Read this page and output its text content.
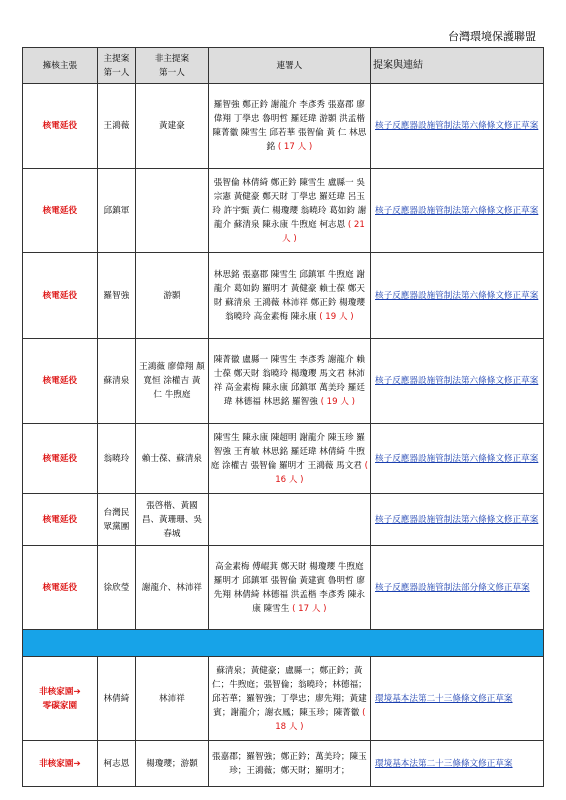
台灣環境保護聯盟
擁核主張	主提案
第一人	非主提案
第一人	連署人	提案與連結
核電延役	王鴻薇	黃建豪	羅智強 鄭正鈐 謝龍介 李彥秀 張嘉郡 廖偉翔 丁學忠 魯明哲 羅廷瑋 游顥 洪孟楷 陳菁徽 陳雪生 邱若華 張智倫 黃 仁 林思銘 ( 17 人 )	核子反應器設施管制法第六條條文修正草案
核電延役	邱鎮軍		張智倫 林倩綺 鄭正鈐 陳雪生 盧縣一 吳宗憲 黃健豪 鄭天財 丁學忠 羅廷瑋 呂玉玲 許宇甄 黃仁 楊瓊瓔 翁曉玲 葛如鈞 謝龍介 蘇清泉 陳永康 牛煦庭 柯志恩 ( 21 人 )	核子反應器設施管制法第六條條文修正草案
核電延役	羅智強	游顥	林思銘 張嘉郡 陳雪生 邱鎮軍 牛煦庭 謝龍介 葛如鈞 羅明才 黃健豪 賴士葆 鄭天財 蘇清泉 王鴻薇 林沛祥 鄭正鈐 楊瓊瓔 翁曉玲 高金素梅 陳永康 ( 19 人 )	核子反應器設施管制法第六條條文修正草案
核電延役	蘇清泉	王鴻薇 廖偉翔 顏寬恒 涂權吉 黃 仁 牛煦庭	陳菁徽 盧縣一 陳雪生 李彥秀 謝龍介 賴士葆 鄭天財 翁曉玲 楊瓊瓔 馬文君 林沛祥 高金素梅 陳永康 邱鎮軍 萬美玲 羅廷瑋 林德福 林思銘 羅智強 ( 19 人 )	核子反應器設施管制法第六條條文修正草案
核電延役	翁曉玲	賴士葆、蘇清泉	陳雪生 陳永康 陳超明 謝龍介 陳玉珍 羅智強 王育敏 林思銘 羅廷瑋 林倩綺 牛煦庭 涂權吉 張智倫 羅明才 王鴻薇 馬文君 ( 16 人 )	核子反應器設施管制法第六條條文修正草案
核電延役	台灣民眾黨團	張啓楷、黃國昌、黃珊珊、吳春城		核子反應器設施管制法第六條條文修正草案
核電延役	徐欣瑩	謝龍介、林沛祥	高金素梅 傅崐萁 鄭天財 楊瓊瓔 牛煦庭 羅明才 邱鎮軍 張智倫 黃建賓 魯明哲 廖先翔 林倩綺 林德福 洪孟楷 李彥秀 陳永康 陳雪生 ( 17 人 )	核子反應器設施管制法部分條文修正草案

非核家園➔
零碳家園	林倩綺	林沛祥	蘇清泉；黃健豪；盧縣一；鄭正鈐；黃仁；牛煦庭；張智倫；翁曉玲；林德福；邱若華；羅智強；丁學忠；廖先翔；黃建賓；謝龍介；謝衣鳳；陳玉珍；陳菁徽 ( 18 人 )	環境基本法第二十三條條文修正草案
非核家園➔	柯志恩	楊瓊瓔；游顥	張嘉郡；羅智強；鄭正鈐；萬美玲；陳玉珍；王鴻薇；鄭天財；羅明才；	環境基本法第二十三條條文修正草案
